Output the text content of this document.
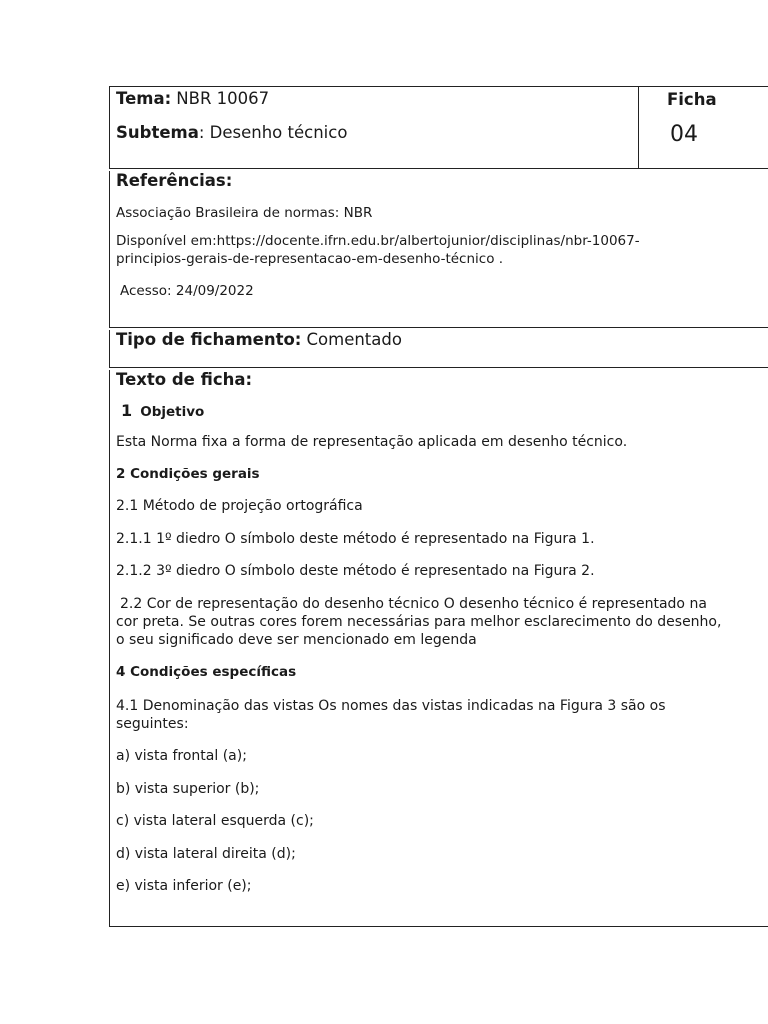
Tema: NBR 10067
Subtema: Desenho técnico
Ficha
04
Referências:

Associação Brasileira de normas: NBR

Disponível em:https://docente.ifrn.edu.br/albertojunior/disciplinas/nbr-10067-

principios-gerais-de-representacao-em-desenho-técnico .

Acesso: 24/09/2022

Tipo de fichamento: Comentado
Texto de ficha:
1 Objetivo

Esta Norma fixa a forma de representação aplicada em desenho técnico.

2 Condições gerais

2.1 Método de projeção ortográfica

2.1.1 1º diedro O símbolo deste método é representado na Figura 1.

2.1.2 3º diedro O símbolo deste método é representado na Figura 2.

2.2 Cor de representação do desenho técnico O desenho técnico é representado na

cor preta. Se outras cores forem necessárias para melhor esclarecimento do desenho,

o seu significado deve ser mencionado em legenda

4 Condições específicas

4.1 Denominação das vistas Os nomes das vistas indicadas na Figura 3 são os

seguintes:

a) vista frontal (a);

b) vista superior (b);

c) vista lateral esquerda (c);

d) vista lateral direita (d);

e) vista inferior (e);
